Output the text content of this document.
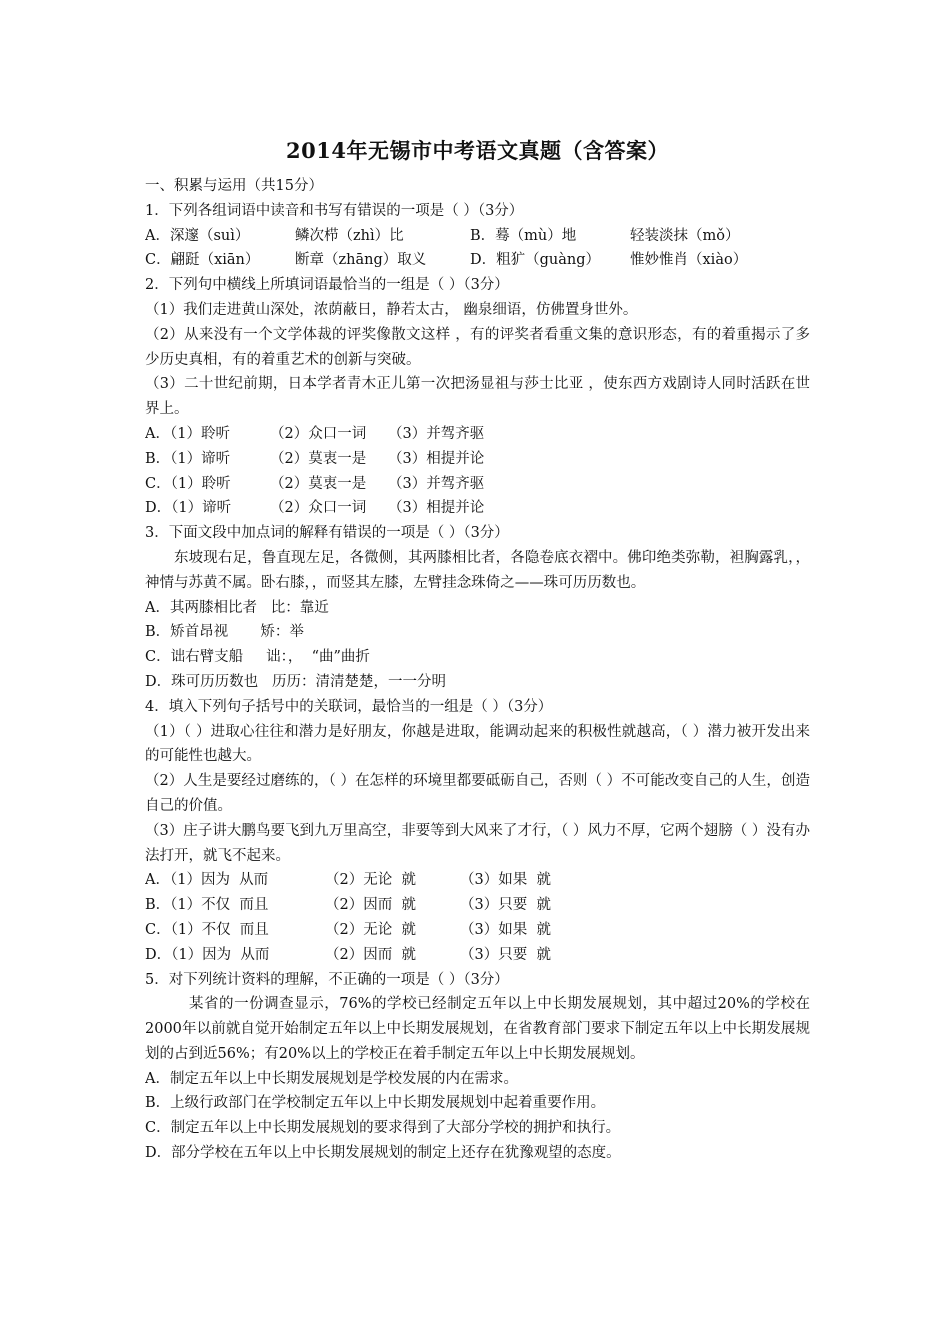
2014年无锡市中考语文真题（含答案）
一、积累与运用（共15分）
1．下列各组词语中读音和书写有错误的一项是（ ）（3分）
A．深邃（suì）	鳞次栉（zhì）比	B．蓦（mù）地	轻装淡抹（mǒ）
C．翩跹（xiān）	断章（zhāng）取义	D．粗犷（guàng）	惟妙惟肖（xiào）
2．下列句中横线上所填词语最恰当的一组是（ ）（3分）

（1）我们走进黄山深处，浓荫蔽日，静若太古， 幽泉细语，仿佛置身世外。

（2）从来没有一个文学体裁的评奖像散文这样 ，有的评奖者看重文集的意识形态，有的着重揭示了多少历史真相，有的着重艺术的创新与突破。

（3）二十世纪前期，日本学者青木正儿第一次把汤显祖与莎士比亚 ，使东西方戏剧诗人同时活跃在世界上。

A．（1）聆听	（2）众口一词	（3）并驾齐驱
B．（1）谛听	（2）莫衷一是	（3）相提并论
C．（1）聆听	（2）莫衷一是	（3）并驾齐驱
D．（1）谛听	（2）众口一词	（3）相提并论
3．下面文段中加点词的解释有错误的一项是（ ）（3分）

东坡现右足，鲁直现左足，各微侧，其两膝相比者，各隐卷底衣褶中。佛印绝类弥勒，袒胸露乳，，神情与苏黄不属。卧右膝，，而竖其左膝，左臂挂念珠倚之——珠可历历数也。

A．其两膝相比者   比：靠近
B．矫首昂视       矫：举
C．诎右臂支船     诎：，  “曲”曲折
D．珠可历历数也   历历：清清楚楚，一一分明
4．填入下列句子括号中的关联词，最恰当的一组是（ ）（3分）

（1）（ ）进取心往往和潜力是好朋友，你越是进取，能调动起来的积极性就越高，（ ）潜力被开发出来的可能性也越大。

（2）人生是要经过磨练的，（ ）在怎样的环境里都要砥砺自己，否则（ ）不可能改变自己的人生，创造自己的价值。

（3）庄子讲大鹏鸟要飞到九万里高空，非要等到大风来了才行，（ ）风力不厚，它两个翅膀（ ）没有办法打开，就飞不起来。

A．（1）因为  从而	（2）无论  就	（3）如果  就
B．（1）不仅  而且	（2）因而  就	（3）只要  就
C．（1）不仅  而且	（2）无论  就	（3）如果  就
D．（1）因为  从而	（2）因而  就	（3）只要  就
5．对下列统计资料的理解，不正确的一项是（ ）（3分）

某省的一份调查显示，76%的学校已经制定五年以上中长期发展规划，其中超过20%的学校在2000年以前就自觉开始制定五年以上中长期发展规划，在省教育部门要求下制定五年以上中长期发展规划的占到近56%；有20%以上的学校正在着手制定五年以上中长期发展规划。

A．制定五年以上中长期发展规划是学校发展的内在需求。
B．上级行政部门在学校制定五年以上中长期发展规划中起着重要作用。
C．制定五年以上中长期发展规划的要求得到了大部分学校的拥护和执行。
D．部分学校在五年以上中长期发展规划的制定上还存在犹豫观望的态度。
